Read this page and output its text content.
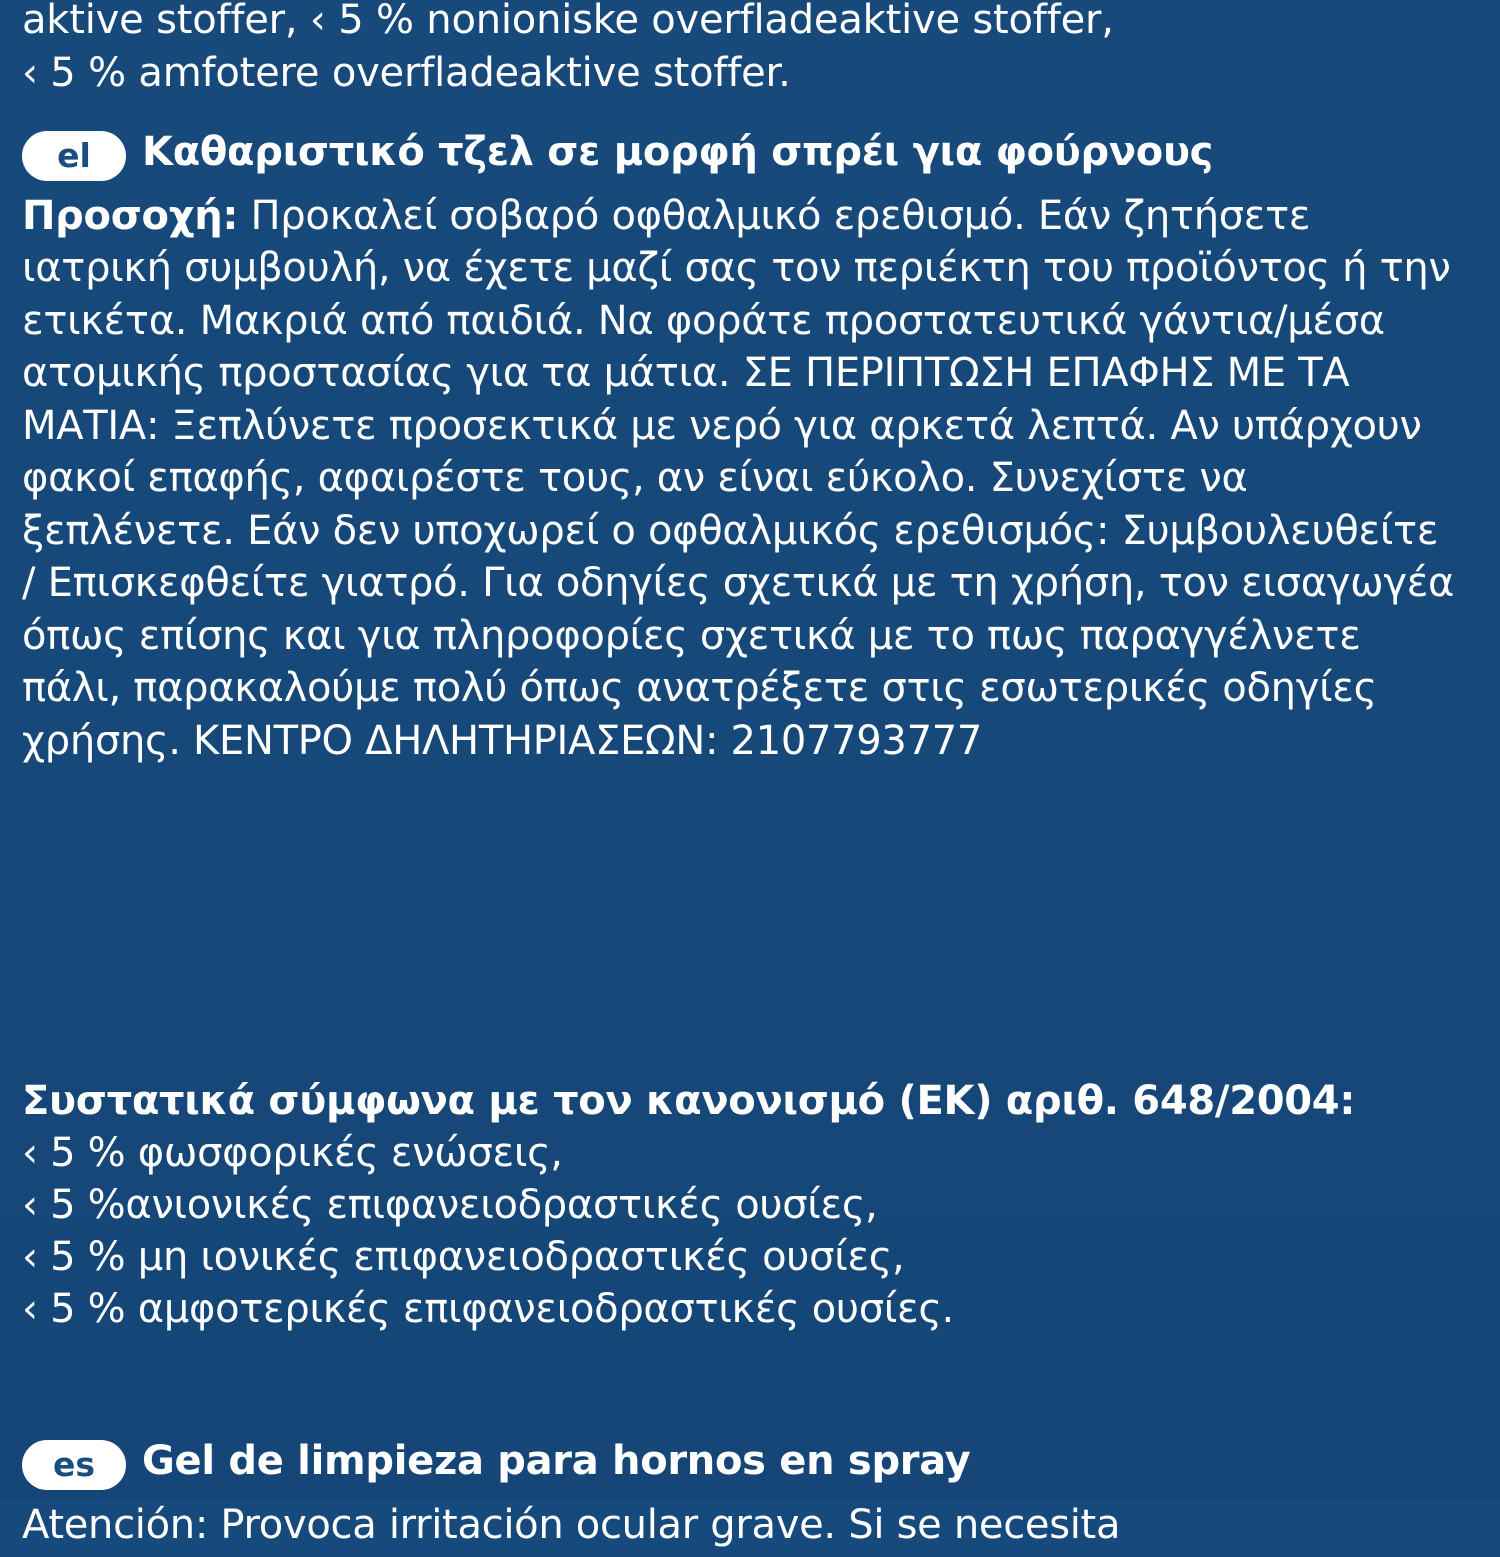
aktive stoffer, ‹ 5 % nonioniske overfladeaktive stoffer,

‹ 5 % amfotere overfladeaktive stoffer.

el Καθαριστικό τζελ σε μορφή σπρέι για φούρνους
Προσοχή: Προκαλεί σοβαρό οφθαλμικό ερεθισμό. Εάν ζητήσετε ιατρική συμβουλή, να έχετε μαζί σας τον περιέκτη του προϊόντος ή την ετικέτα. Μακριά από παιδιά. Να φοράτε προστατευτικά γάντια/μέσα ατομικής προστασίας για τα μάτια. ΣΕ ΠΕΡΙΠΤΩΣΗ ΕΠΑΦΗΣ ΜΕ ΤΑ ΜΑΤΙΑ: Ξεπλύνετε προσεκτικά με νερό για αρκετά λεπτά. Αν υπάρχουν φακοί επαφής, αφαιρέστε τους, αν είναι εύκολο. Συνεχίστε να ξεπλένετε. Εάν δεν υποχωρεί ο οφθαλμικός ερεθισμός: Συμβουλευθείτε / Επισκεφθείτε γιατρό. Για οδηγίες σχετικά με τη χρήση, τον εισαγωγέα όπως επίσης και για πληροφορίες σχετικά με το πως παραγγέλνετε πάλι, παρακαλούμε πολύ όπως ανατρέξετε στις εσωτερικές οδηγίες χρήσης. ΚΕΝΤΡΟ ΔΗΛΗΤΗΡΙΑΣΕΩΝ: 2107793777
Συστατικά σύμφωνα με τον κανονισμό (ΕΚ) αριθ. 648/2004:
‹ 5 % φωσφορικές ενώσεις,
‹ 5 %ανιονικές επιφανειοδραστικές ουσίες,
‹ 5 % μη ιονικές επιφανειοδραστικές ουσίες,
‹ 5 % αμφοτερικές επιφανειοδραστικές ουσίες.
es Gel de limpieza para hornos en spray
Atención: Provoca irritación ocular grave. Si se necesita
